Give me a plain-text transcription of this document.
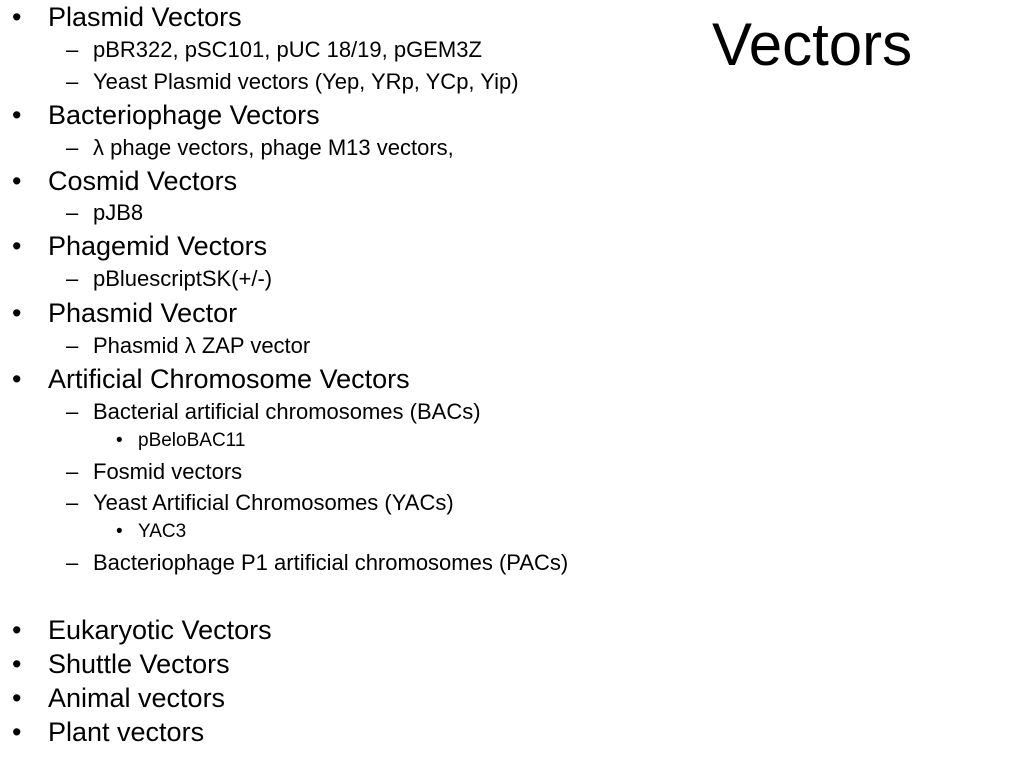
Vectors
• Plasmid Vectors
– pBR322, pSC101, pUC 18/19, pGEM3Z
– Yeast Plasmid vectors (Yep, YRp, YCp, Yip)
• Bacteriophage Vectors
– λ phage vectors, phage M13 vectors,
• Cosmid Vectors
– pJB8
• Phagemid Vectors
– pBluescriptSK(+/-)
• Phasmid Vector
– Phasmid λ ZAP vector
• Artificial Chromosome Vectors
– Bacterial artificial chromosomes (BACs)
• pBeloBAC11
– Fosmid vectors
– Yeast Artificial Chromosomes (YACs)
• YAC3
– Bacteriophage P1 artificial chromosomes (PACs)
• Eukaryotic Vectors
• Shuttle Vectors
• Animal vectors
• Plant vectors
